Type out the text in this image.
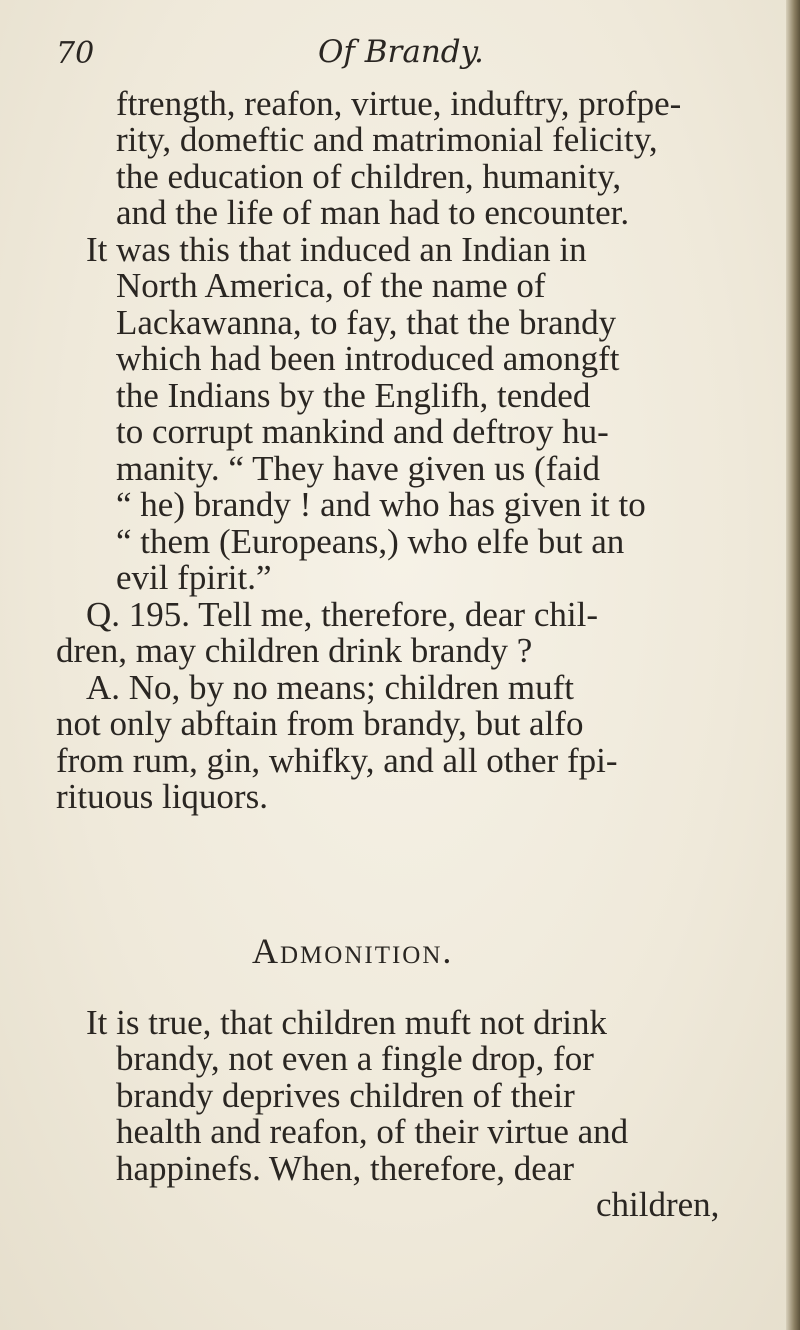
70	Of Brandy.
ftrength, reafon, virtue, induftry, profpe-
rity, domeftic and matrimonial felicity,
the education of children, humanity,
and the life of man had to encounter.
It was this that induced an Indian in
North America, of the name of
Lackawanna, to fay, that the brandy
which had been introduced amongft
the Indians by the Englifh, tended
to corrupt mankind and deftroy hu-
manity. “ They have given us (faid
“ he) brandy ! and who has given it to
“ them (Europeans,) who elfe but an
evil fpirit.”
Q. 195. Tell me, therefore, dear chil-
dren, may children drink brandy ?
A. No, by no means; children muft
not only abftain from brandy, but alfo
from rum, gin, whifky, and all other fpi-
rituous liquors.
Admonition.
It is true, that children muft not drink
brandy, not even a fingle drop, for
brandy deprives children of their
health and reafon, of their virtue and
happinefs. When, therefore, dear
children,
